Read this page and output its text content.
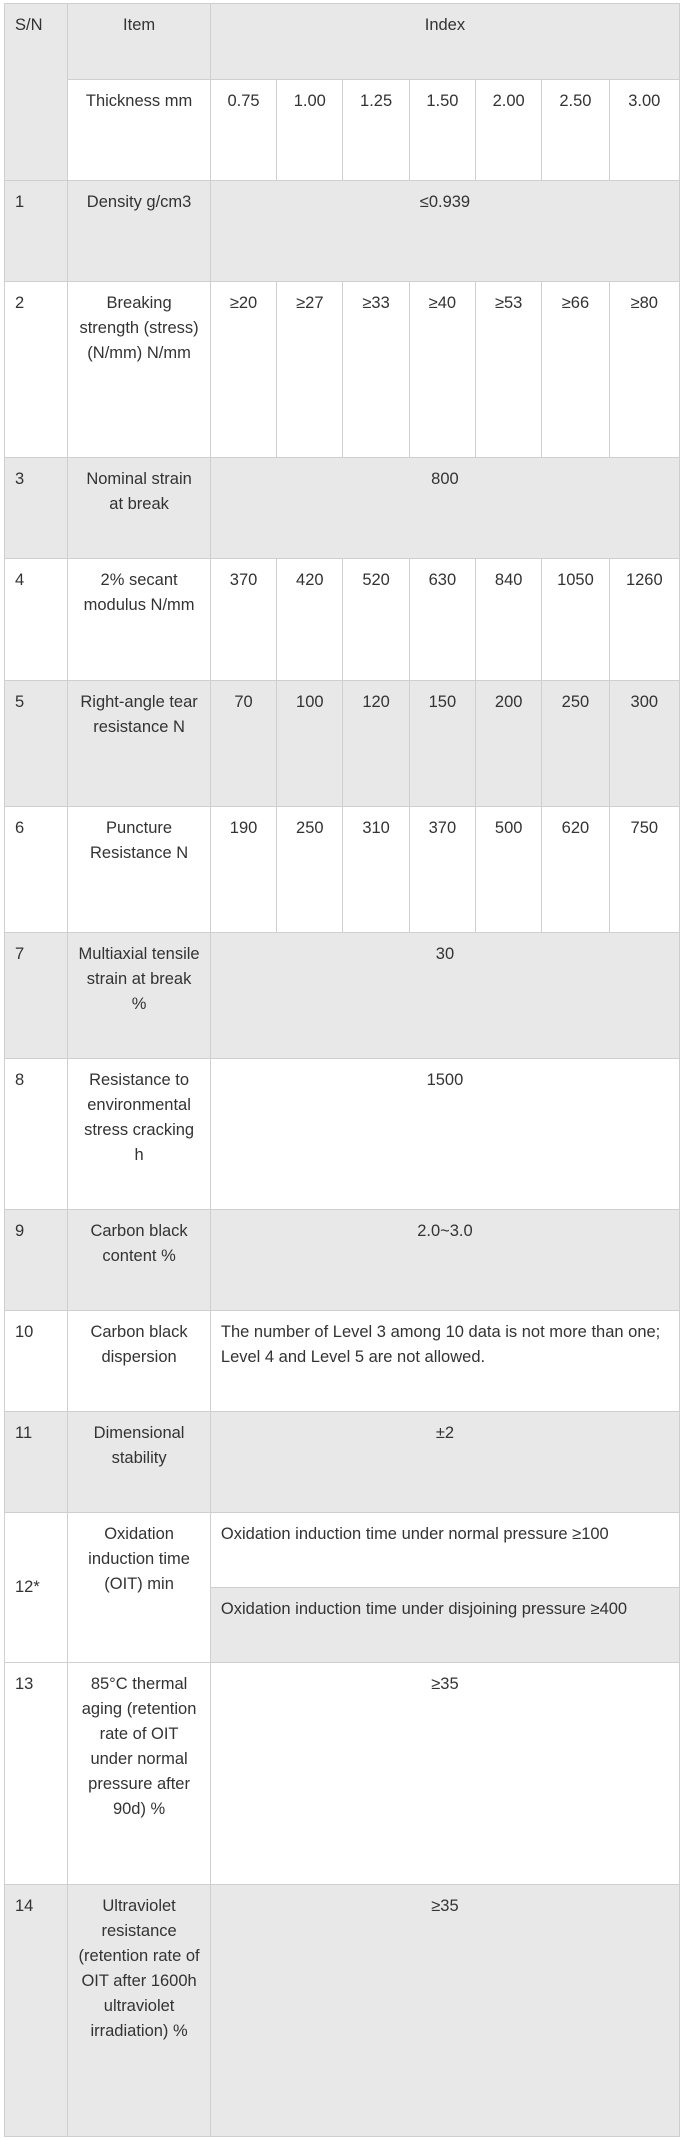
S/N	Item	Index						
	Thickness mm	0.75	1.00	1.25	1.50	2.00	2.50	3.00
1	Density g/cm3	≤0.939						
2	Breaking strength (stress) (N/mm) N/mm	≥20	≥27	≥33	≥40	≥53	≥66	≥80
3	Nominal strain at break	800						
4	2% secant modulus N/mm	370	420	520	630	840	1050	1260
5	Right-angle tear resistance N	70	100	120	150	200	250	300
6	Puncture Resistance N	190	250	310	370	500	620	750
7	Multiaxial tensile strain at break %	30						
8	Resistance to environmental stress cracking h	1500						
9	Carbon black content %	2.0~3.0						
10	Carbon black dispersion	The number of Level 3 among 10 data is not more than one; Level 4 and Level 5 are not allowed.						
11	Dimensional stability	±2						
12*	Oxidation induction time (OIT) min	Oxidation induction time under normal pressure ≥100						
		Oxidation induction time under disjoining pressure ≥400						
13	85°C thermal aging (retention rate of OIT under normal pressure after 90d) %	≥35						
14	Ultraviolet resistance (retention rate of OIT after 1600h ultraviolet irradiation) %	≥35						
